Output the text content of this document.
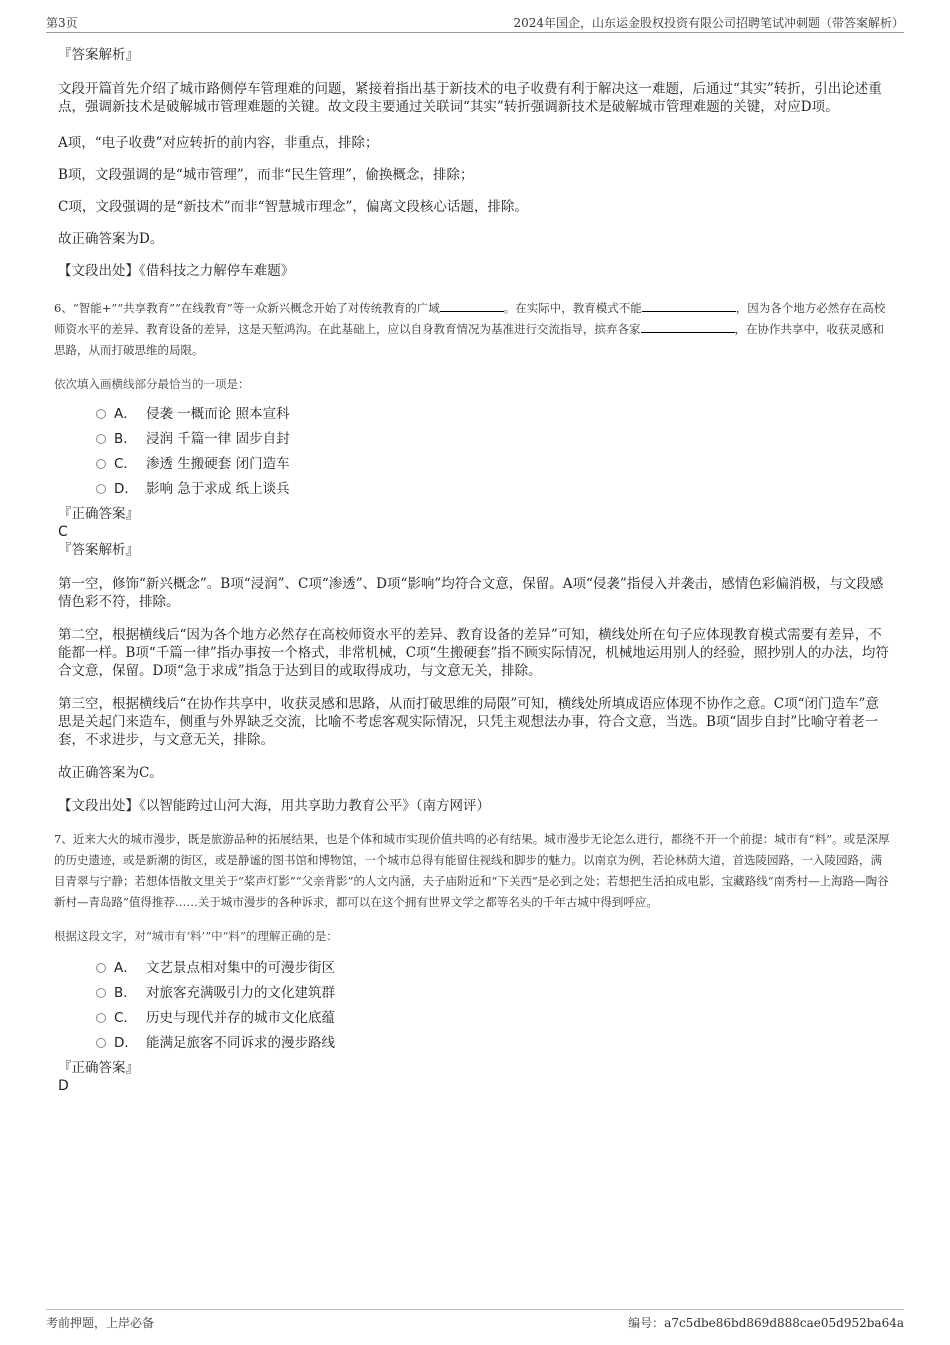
第3页	2024年国企，山东运金股权投资有限公司招聘笔试冲刺题（带答案解析）

『答案解析』

文段开篇首先介绍了城市路侧停车管理难的问题，紧接着指出基于新技术的电子收费有利于解决这一难题，后通过“其实”转折，引出论述重点，强调新技术是破解城市管理难题的关键。故文段主要通过关联词“其实”转折强调新技术是破解城市管理难题的关键，对应D项。

A项，“电子收费”对应转折的前内容，非重点，排除；

B项，文段强调的是“城市管理”，而非“民生管理”，偷换概念，排除；

C项，文段强调的是“新技术”而非“智慧城市理念”，偏离文段核心话题，排除。

故正确答案为D。

【文段出处】《借科技之力解停车难题》

6、“智能+”“共享教育”“在线教育”等一众新兴概念开始了对传统教育的广域	。在实际中，教育模式不能	，因为各个地方必然存在高校师资水平的差异、教育设备的差异，这是天堑鸿沟。在此基础上，应以自身教育情况为基准进行交流指导，摈弃各家	，在协作共享中，收获灵感和思路，从而打破思维的局限。

依次填入画横线部分最恰当的一项是：

A． 侵袭 一概而论 照本宣科
B． 浸润 千篇一律 固步自封
C． 渗透 生搬硬套 闭门造车
D． 影响 急于求成 纸上谈兵

『正确答案』

C

『答案解析』

第一空，修饰“新兴概念”。B项“浸润”、C项“渗透”、D项“影响”均符合文意，保留。A项“侵袭”指侵入并袭击，感情色彩偏消极，与文段感情色彩不符，排除。

第二空，根据横线后“因为各个地方必然存在高校师资水平的差异、教育设备的差异”可知，横线处所在句子应体现教育模式需要有差异，不能都一样。B项“千篇一律”指办事按一个格式，非常机械，C项“生搬硬套”指不顾实际情况，机械地运用别人的经验，照抄别人的办法，均符合文意，保留。D项“急于求成”指急于达到目的或取得成功，与文意无关，排除。

第三空，根据横线后“在协作共享中，收获灵感和思路，从而打破思维的局限”可知，横线处所填成语应体现不协作之意。C项“闭门造车”意思是关起门来造车，侧重与外界缺乏交流，比喻不考虑客观实际情况，只凭主观想法办事，符合文意，当选。B项“固步自封”比喻守着老一套，不求进步，与文意无关，排除。

故正确答案为C。

【文段出处】《以智能跨过山河大海，用共享助力教育公平》（南方网评）

7、近来大火的城市漫步，既是旅游品种的拓展结果，也是个体和城市实现价值共鸣的必有结果。城市漫步无论怎么进行，都绕不开一个前提：城市有“料”。或是深厚的历史遗迹，或是新潮的街区，或是静谧的图书馆和博物馆，一个城市总得有能留住视线和脚步的魅力。以南京为例，若论林荫大道，首选陵园路，一入陵园路，满目青翠与宁静；若想体悟散文里关于“桨声灯影”“父亲背影”的人文内涵，夫子庙附近和“下关西”是必到之处；若想把生活拍成电影，宝藏路线“南秀村—上海路—陶谷新村—青岛路”值得推荐……关于城市漫步的各种诉求，都可以在这个拥有世界文学之都等名头的千年古城中得到呼应。

根据这段文字，对“城市有‘料’”中“料”的理解正确的是：

A． 文艺景点相对集中的可漫步街区
B． 对旅客充满吸引力的文化建筑群
C． 历史与现代并存的城市文化底蕴
D． 能满足旅客不同诉求的漫步路线

『正确答案』

D

考前押题，上岸必备	编号：a7c5dbe86bd869d888cae05d952ba64a
